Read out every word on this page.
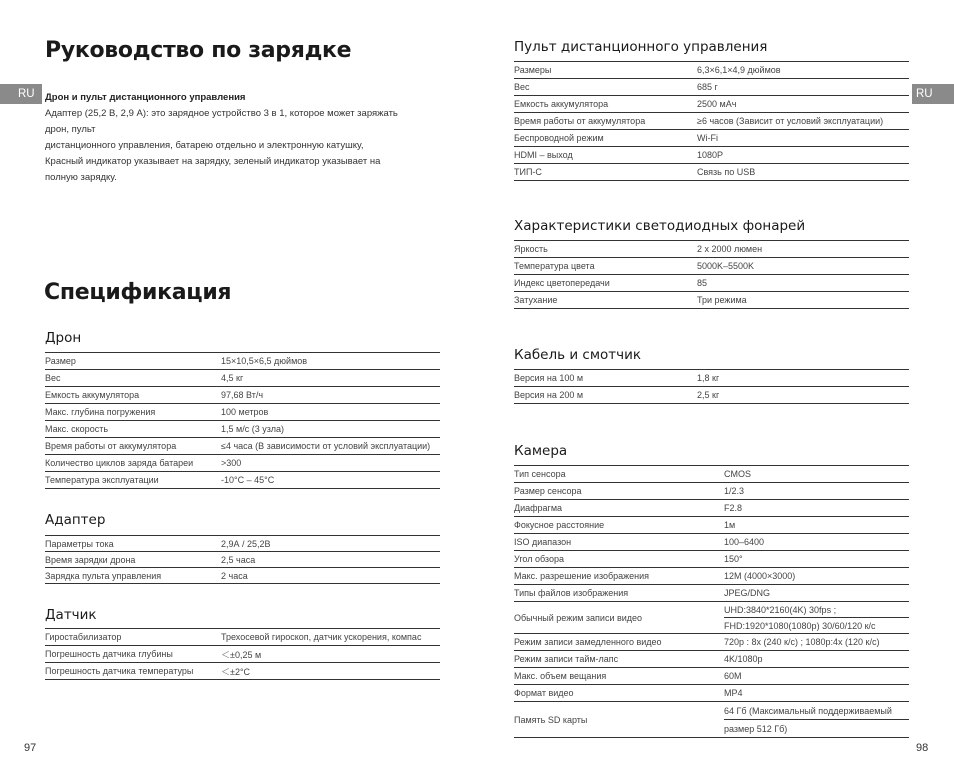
Руководство по зарядке
RU	Дрон и пульт дистанционного управления
Адаптер (25,2 В, 2,9 А): это зарядное устройство 3 в 1, которое может заряжать
дрон, пульт
дистанционного управления, батарею отдельно и электронную катушку,
Красный индикатор указывает на зарядку, зеленый индикатор указывает на
полную зарядку.
Спецификация
Дрон
Размер	15×10,5×6,5 дюймов
Вес	4,5 кг
Емкость аккумулятора	97,68 Вт/ч
Макс. глубина погружения	100 метров
Макс. скорость	1,5 м/с (3 узла)
Время работы от аккумулятора	≤4 часа (В зависимости от условий эксплуатации)
Количество циклов заряда батареи	>300
Температура эксплуатации	-10°C – 45°C
Адаптер
Параметры тока	2,9А / 25,2В
Время зарядки дрона	2,5 часа
Зарядка пульта управления	2 часа
Датчик
Гиростабилизатор	Трехосевой гироскоп, датчик ускорения, компас
Погрешность датчика глубины	＜±0,25 м
Погрешность датчика температуры	＜±2°C
97
RU
Пульт дистанционного управления
Размеры	6,3×6,1×4,9 дюймов
Вес	685 г
Емкость аккумулятора	2500 мАч
Время работы от аккумулятора	≥6 часов (Зависит от условий эксплуатации)
Беспроводной режим	Wi-Fi
HDMI – выход	1080P
ТИП-С	Связь по USB
Характеристики светодиодных фонарей
Яркость	2 x 2000 люмен
Температура цвета	5000K–5500K
Индекс цветопередачи	85
Затухание	Три режима
Кабель и смотчик
Версия на 100 м	1,8 кг
Версия на 200 м	2,5 кг
Камера
Тип сенсора	CMOS
Размер сенсора	1/2.3
Диафрагма	F2.8
Фокусное расстояние	1м
ISO диапазон	100–6400
Угол обзора	150°
Макс. разрешение изображения	12M (4000×3000)
Типы файлов изображения	JPEG/DNG
Обычный режим записи видео	UHD:3840*2160(4K) 30fps ;
	FHD:1920*1080(1080p) 30/60/120 к/с
Режим записи замедленного видео	720p : 8x (240 к/с) ; 1080p:4x (120 к/с)
Режим записи тайм-лапс	4K/1080p
Макс. объем вещания	60M
Формат видео	MP4
Память SD карты	64 Гб (Максимальный поддерживаемый
	размер 512 Гб)
98
